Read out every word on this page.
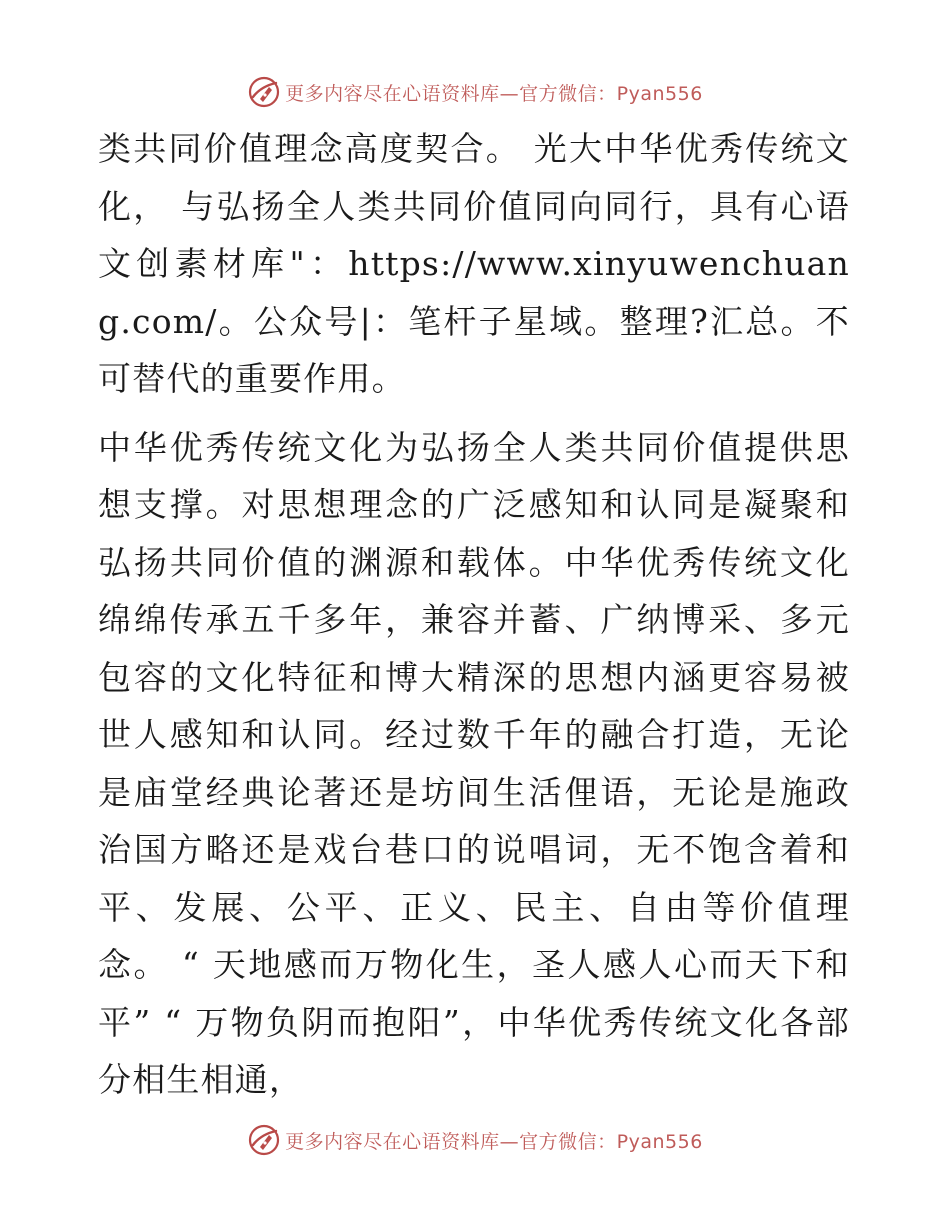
更多内容尽在心语资料库—官方微信：Pyan556

类共同价值理念高度契合。 光大中华优秀传统文化， 与弘扬全人类共同价值同向同行，具有心语文创素材库"：https://www.xinyuwenchuang.com/。公众号|：笔杆子星域。整理?汇总。不可替代的重要作用。

中华优秀传统文化为弘扬全人类共同价值提供思想支撑。对思想理念的广泛感知和认同是凝聚和弘扬共同价值的渊源和载体。中华优秀传统文化绵绵传承五千多年，兼容并蓄、广纳博采、多元包容的文化特征和博大精深的思想内涵更容易被世人感知和认同。经过数千年的融合打造，无论是庙堂经典论著还是坊间生活俚语，无论是施政治国方略还是戏台巷口的说唱词，无不饱含着和平、发展、公平、正义、民主、自由等价值理念。 “ 天地感而万物化生，圣人感人心而天下和平” “ 万物负阴而抱阳”，中华优秀传统文化各部分相生相通，

更多内容尽在心语资料库—官方微信：Pyan556
